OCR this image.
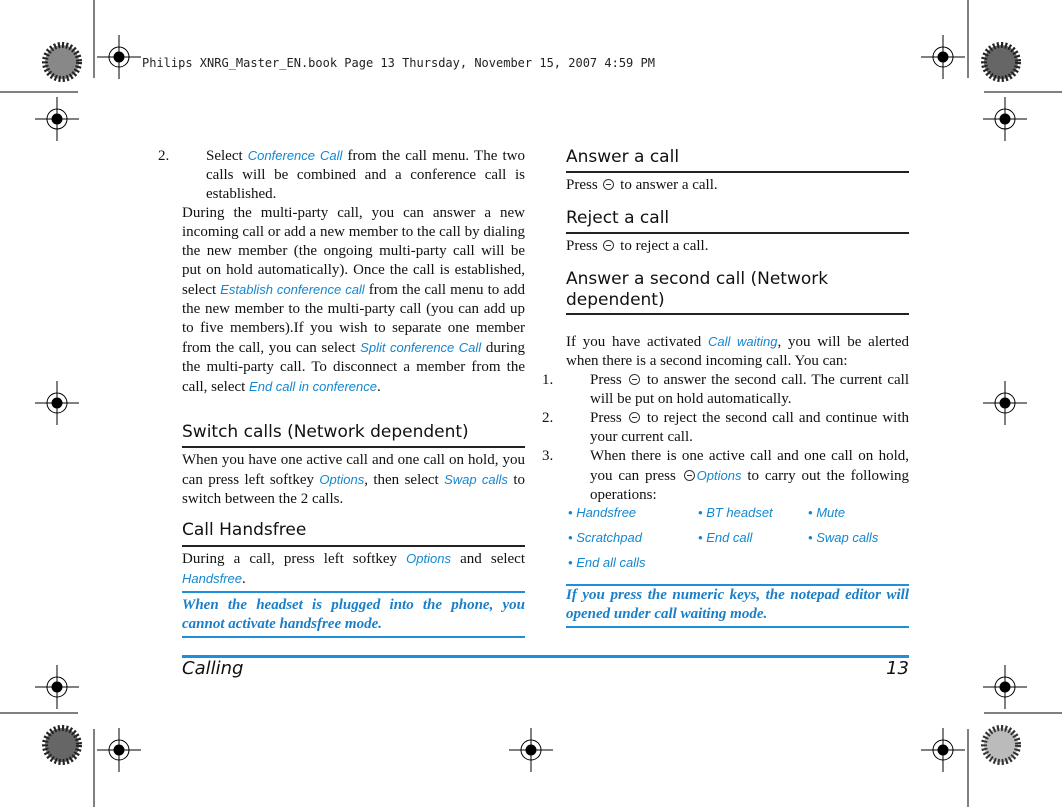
Philips XNRG_Master_EN.book Page 13 Thursday, November 15, 2007 4:59 PM
2. Select Conference Call from the call menu. The two calls will be combined and a conference call is established.
During the multi-party call, you can answer a new incoming call or add a new member to the call by dialing the new member (the ongoing multi-party call will be put on hold automatically). Once the call is established, select Establish conference call from the call menu to add the new member to the multi-party call (you can add up to five members).If you wish to separate one member from the call, you can select Split conference Call during the multi-party call. To disconnect a member from the call, select End call in conference.
Switch calls (Network dependent)
When you have one active call and one call on hold, you can press left softkey Options, then select Swap calls to switch between the 2 calls.
Call Handsfree
During a call, press left softkey Options and select Handsfree.
When the headset is plugged into the phone, you cannot activate handsfree mode.
Answer a call
Press  to answer a call.
Reject a call
Press  to reject a call.
Answer a second call (Network dependent)
If you have activated Call waiting, you will be alerted when there is a second incoming call. You can:
1. Press  to answer the second call. The current call will be put on hold automatically.
2. Press  to reject the second call and continue with your current call.
3. When there is one active call and one call on hold, you can press Options to carry out the following operations:
• Handsfree	• BT headset	• Mute
• Scratchpad	• End call	• Swap calls
• End all calls
If you press the numeric keys, the notepad editor will opened under call waiting mode.
Calling	13
